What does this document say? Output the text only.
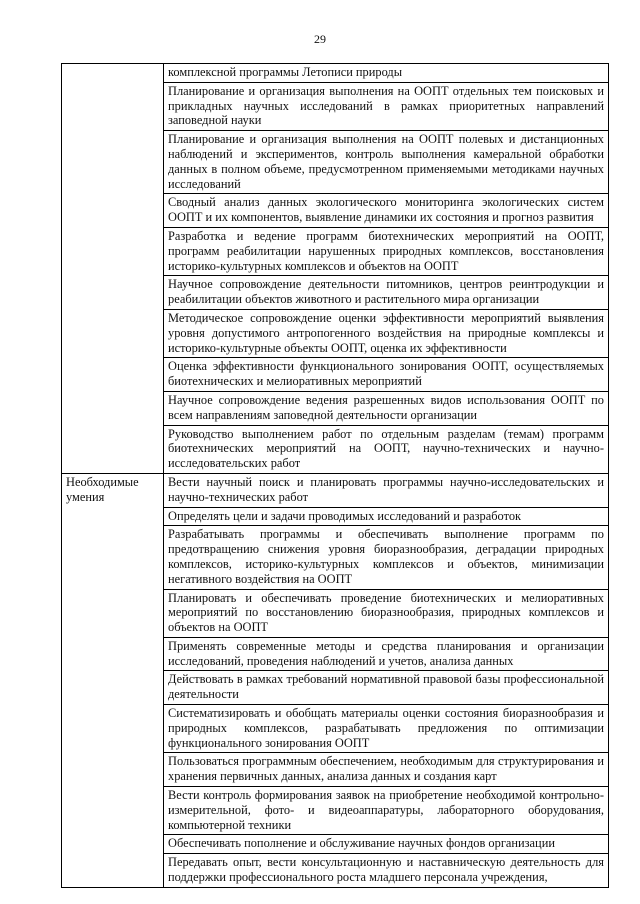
29
	комплексной программы Летописи природы
	Планирование и организация выполнения на ООПТ отдельных тем поисковых и прикладных научных исследований в рамках приоритетных направлений заповедной науки
	Планирование и организация выполнения на ООПТ полевых и дистанционных наблюдений и экспериментов, контроль выполнения камеральной обработки данных в полном объеме, предусмотренном применяемыми методиками научных исследований
	Сводный анализ данных экологического мониторинга экологических систем ООПТ и их компонентов, выявление динамики их состояния и прогноз развития
	Разработка и ведение программ биотехнических мероприятий на ООПТ, программ реабилитации нарушенных природных комплексов, восстановления историко-культурных комплексов и объектов на ООПТ
	Научное сопровождение деятельности питомников, центров реинтродукции и реабилитации объектов животного и растительного мира организации
	Методическое сопровождение оценки эффективности мероприятий выявления уровня допустимого антропогенного воздействия на природные комплексы и историко-культурные объекты ООПТ, оценка их эффективности
	Оценка эффективности функционального зонирования ООПТ, осуществляемых биотехнических и мелиоративных мероприятий
	Научное сопровождение ведения разрешенных видов использования ООПТ по всем направлениям заповедной деятельности организации
	Руководство выполнением работ по отдельным разделам (темам) программ биотехнических мероприятий на ООПТ, научно-технических и научно-исследовательских работ
Необходимые умения	Вести научный поиск и планировать программы научно-исследовательских и научно-технических работ
	Определять цели и задачи проводимых исследований и разработок
	Разрабатывать программы и обеспечивать выполнение программ по предотвращению снижения уровня биоразнообразия, деградации природных комплексов, историко-культурных комплексов и объектов, минимизации негативного воздействия на ООПТ
	Планировать и обеспечивать проведение биотехнических и мелиоративных мероприятий по восстановлению биоразнообразия, природных комплексов и объектов на ООПТ
	Применять современные методы и средства планирования и организации исследований, проведения наблюдений и учетов, анализа данных
	Действовать в рамках требований нормативной правовой базы профессиональной деятельности
	Систематизировать и обобщать материалы оценки состояния биоразнообразия и природных комплексов, разрабатывать предложения по оптимизации функционального зонирования ООПТ
	Пользоваться программным обеспечением, необходимым для структурирования и хранения первичных данных, анализа данных и создания карт
	Вести контроль формирования заявок на приобретение необходимой контрольно-измерительной, фото- и видеоаппаратуры, лабораторного оборудования, компьютерной техники
	Обеспечивать пополнение и обслуживание научных фондов организации
	Передавать опыт, вести консультационную и наставническую деятельность для поддержки профессионального роста младшего персонала учреждения,
